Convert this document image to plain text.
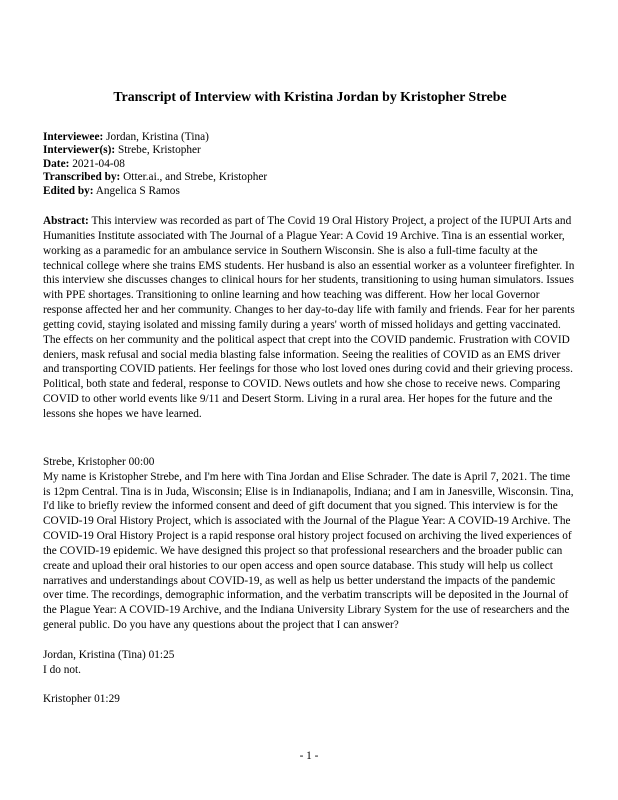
Transcript of Interview with Kristina Jordan by Kristopher Strebe
Interviewee: Jordan, Kristina (Tina)
Interviewer(s): Strebe, Kristopher
Date: 2021-04-08
Transcribed by: Otter.ai., and Strebe, Kristopher
Edited by: Angelica S Ramos

Abstract: This interview was recorded as part of The Covid 19 Oral History Project, a project of the IUPUI Arts and Humanities Institute associated with The Journal of a Plague Year: A Covid 19 Archive. Tina is an essential worker, working as a paramedic for an ambulance service in Southern Wisconsin. She is also a full-time faculty at the technical college where she trains EMS students. Her husband is also an essential worker as a volunteer firefighter. In this interview she discusses changes to clinical hours for her students, transitioning to using human simulators. Issues with PPE shortages. Transitioning to online learning and how teaching was different. How her local Governor response affected her and her community. Changes to her day-to-day life with family and friends. Fear for her parents getting covid, staying isolated and missing family during a years' worth of missed holidays and getting vaccinated. The effects on her community and the political aspect that crept into the COVID pandemic. Frustration with COVID deniers, mask refusal and social media blasting false information. Seeing the realities of COVID as an EMS driver and transporting COVID patients. Her feelings for those who lost loved ones during covid and their grieving process. Political, both state and federal, response to COVID. News outlets and how she chose to receive news. Comparing COVID to other world events like 9/11 and Desert Storm. Living in a rural area. Her hopes for the future and the lessons she hopes we have learned.

Strebe, Kristopher 00:00
My name is Kristopher Strebe, and I'm here with Tina Jordan and Elise Schrader. The date is April 7, 2021. The time is 12pm Central. Tina is in Juda, Wisconsin; Elise is in Indianapolis, Indiana; and I am in Janesville, Wisconsin. Tina, I'd like to briefly review the informed consent and deed of gift document that you signed. This interview is for the COVID-19 Oral History Project, which is associated with the Journal of the Plague Year: A COVID-19 Archive. The COVID-19 Oral History Project is a rapid response oral history project focused on archiving the lived experiences of the COVID-19 epidemic. We have designed this project so that professional researchers and the broader public can create and upload their oral histories to our open access and open source database. This study will help us collect narratives and understandings about COVID-19, as well as help us better understand the impacts of the pandemic over time. The recordings, demographic information, and the verbatim transcripts will be deposited in the Journal of the Plague Year: A COVID-19 Archive, and the Indiana University Library System for the use of researchers and the general public. Do you have any questions about the project that I can answer?
Jordan, Kristina (Tina) 01:25
I do not.
Kristopher 01:29
- 1 -
